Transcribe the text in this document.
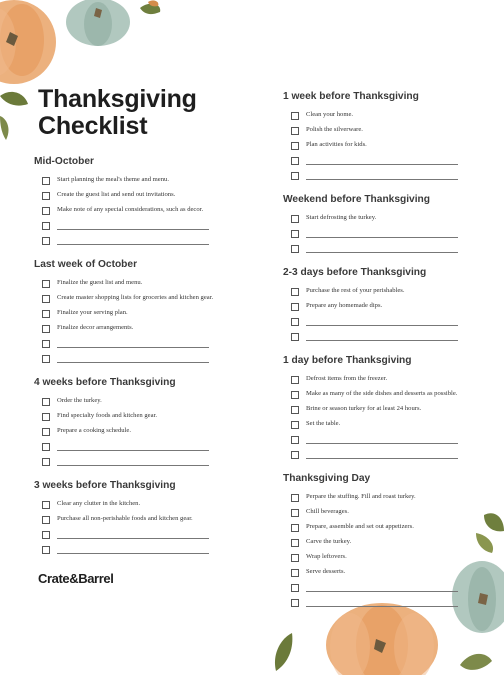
Thanksgiving
Checklist
Mid-October
Start planning the meal's theme and menu.
Create the guest list and send out invitations.
Make note of any special considerations, such as decor.
Last week of October
Finalize the guest list and menu.
Create master shopping lists for groceries and kitchen gear.
Finalize your serving plan.
Finalize decor arrangements.
4 weeks before Thanksgiving
Order the turkey.
Find specialty foods and kitchen gear.
Prepare a cooking schedule.
3 weeks before Thanksgiving
Clear any clutter in the kitchen.
Purchase all non-perishable foods and kitchen gear.
1 week before Thanksgiving
Clean your home.
Polish the silverware.
Plan activities for kids.
Weekend before Thanksgiving
Start defrosting the turkey.
2-3 days before Thanksgiving
Purchase the rest of your perishables.
Prepare any homemade dips.
1 day before Thanksgiving
Defrost items from the freezer.
Make as many of the side dishes and desserts as possible.
Brine or season turkey for at least 24 hours.
Set the table.
Thanksgiving Day
Perpare the stuffing. Fill and roast turkey.
Chill beverages.
Prepare, assemble and set out appetizers.
Carve the turkey.
Wrap leftovers.
Serve desserts.
Crate&Barrel
